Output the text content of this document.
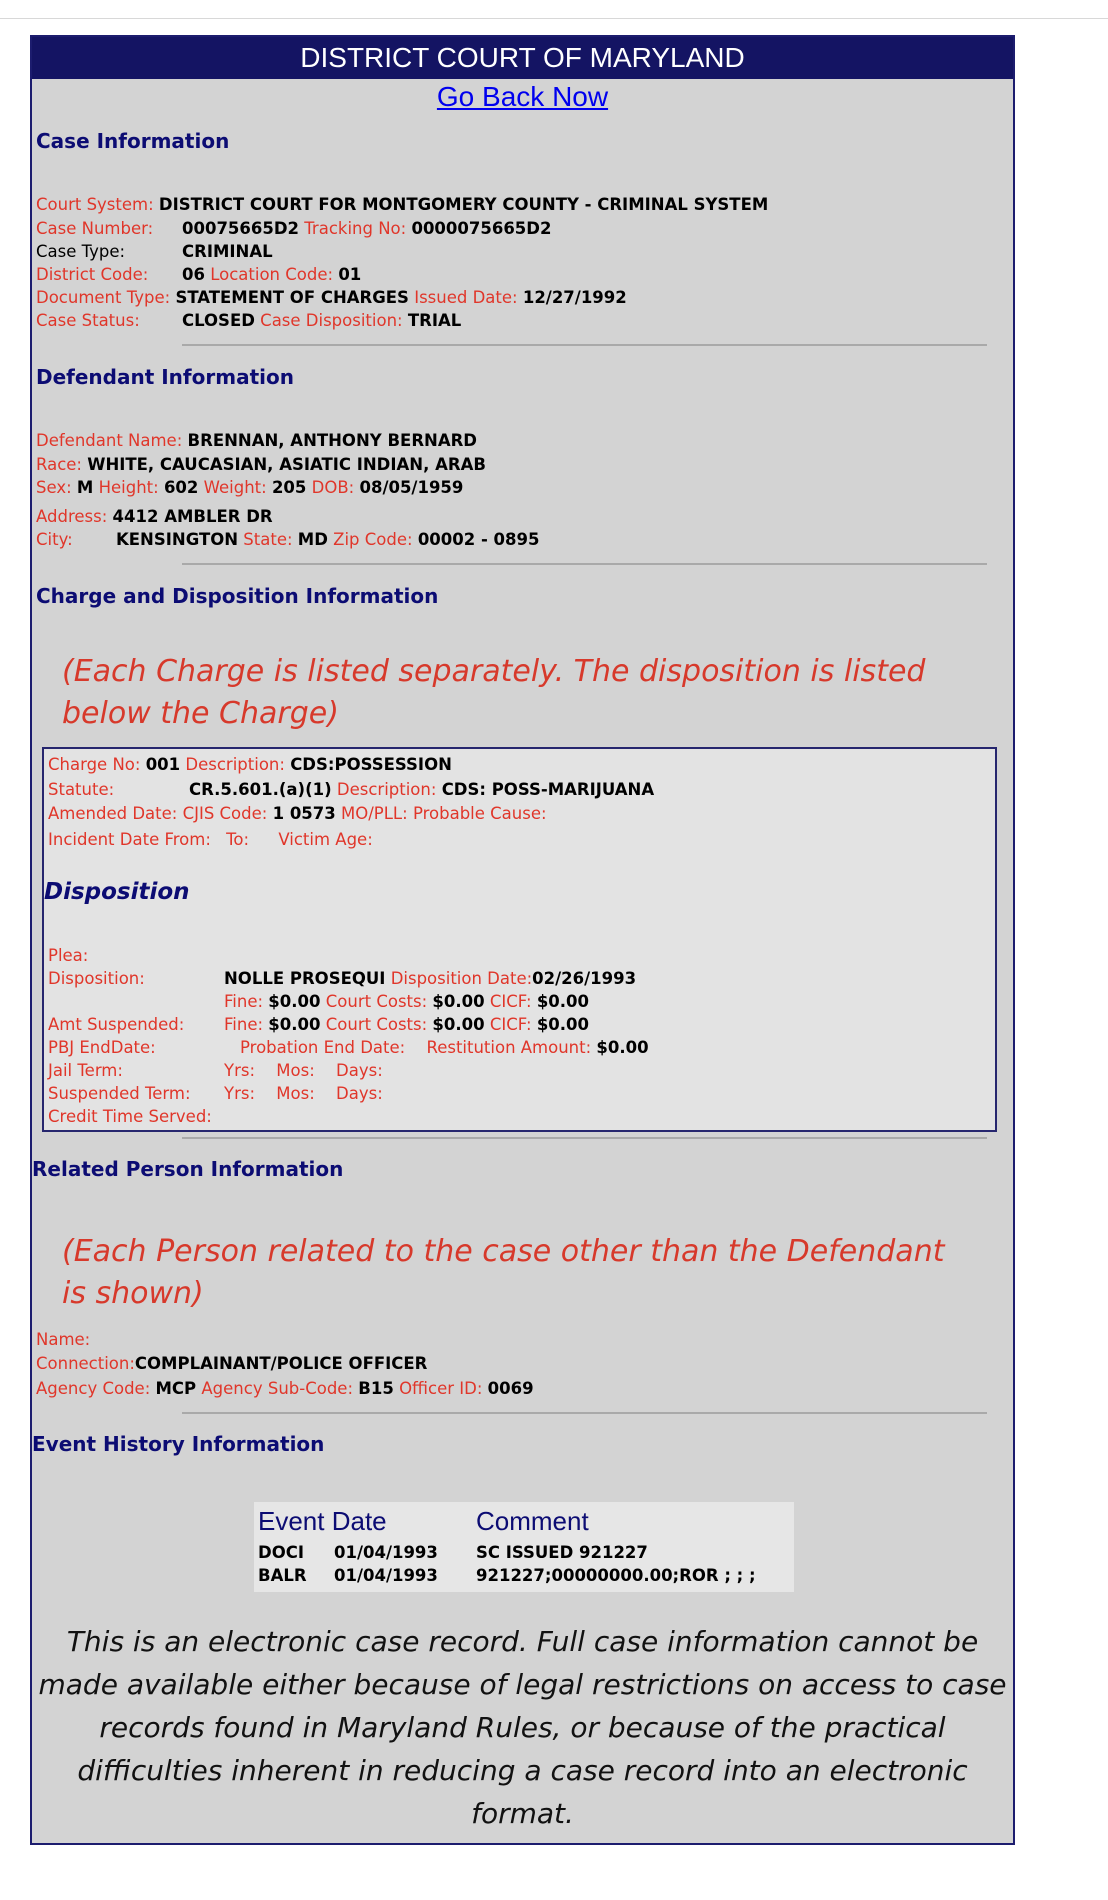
DISTRICT COURT OF MARYLAND
Go Back Now
Case Information
Court System: DISTRICT COURT FOR MONTGOMERY COUNTY - CRIMINAL SYSTEM
Case Number: 00075665D2 Tracking No: 0000075665D2
Case Type:	CRIMINAL
District Code: 06 Location Code: 01
Document Type: STATEMENT OF CHARGES Issued Date: 12/27/1992
Case Status:	CLOSED Case Disposition: TRIAL
Defendant Information
Defendant Name: BRENNAN, ANTHONY BERNARD
Race: WHITE, CAUCASIAN, ASIATIC INDIAN, ARAB
Sex: M Height: 602 Weight: 205 DOB: 08/05/1959
Address: 4412 AMBLER DR
City:	KENSINGTON State: MD Zip Code: 00002 - 0895
Charge and Disposition Information
(Each Charge is listed separately. The disposition is listed below the Charge)
Charge No: 001 Description: CDS:POSSESSION
Statute:	CR.5.601.(a)(1) Description: CDS: POSS-MARIJUANA
Amended Date: CJIS Code: 1 0573 MO/PLL: Probable Cause:
Incident Date From: To: Victim Age:
Disposition
Plea:
Disposition:	NOLLE PROSEQUI Disposition Date:02/26/1993
Fine: $0.00 Court Costs: $0.00 CICF: $0.00
Amt Suspended: Fine: $0.00 Court Costs: $0.00 CICF: $0.00
PBJ EndDate:	Probation End Date: Restitution Amount: $0.00
Jail Term:	Yrs: Mos: Days:
Suspended Term: Yrs: Mos: Days:
Credit Time Served:
Related Person Information
(Each Person related to the case other than the Defendant is shown)
Name:
Connection:COMPLAINANT/POLICE OFFICER
Agency Code: MCP Agency Sub-Code: B15 Officer ID: 0069
Event History Information
Event Date	Comment
DOCI 01/04/1993 SC ISSUED 921227
BALR 01/04/1993 921227;00000000.00;ROR ; ; ;
This is an electronic case record. Full case information cannot be made available either because of legal restrictions on access to case records found in Maryland Rules, or because of the practical difficulties inherent in reducing a case record into an electronic format.
